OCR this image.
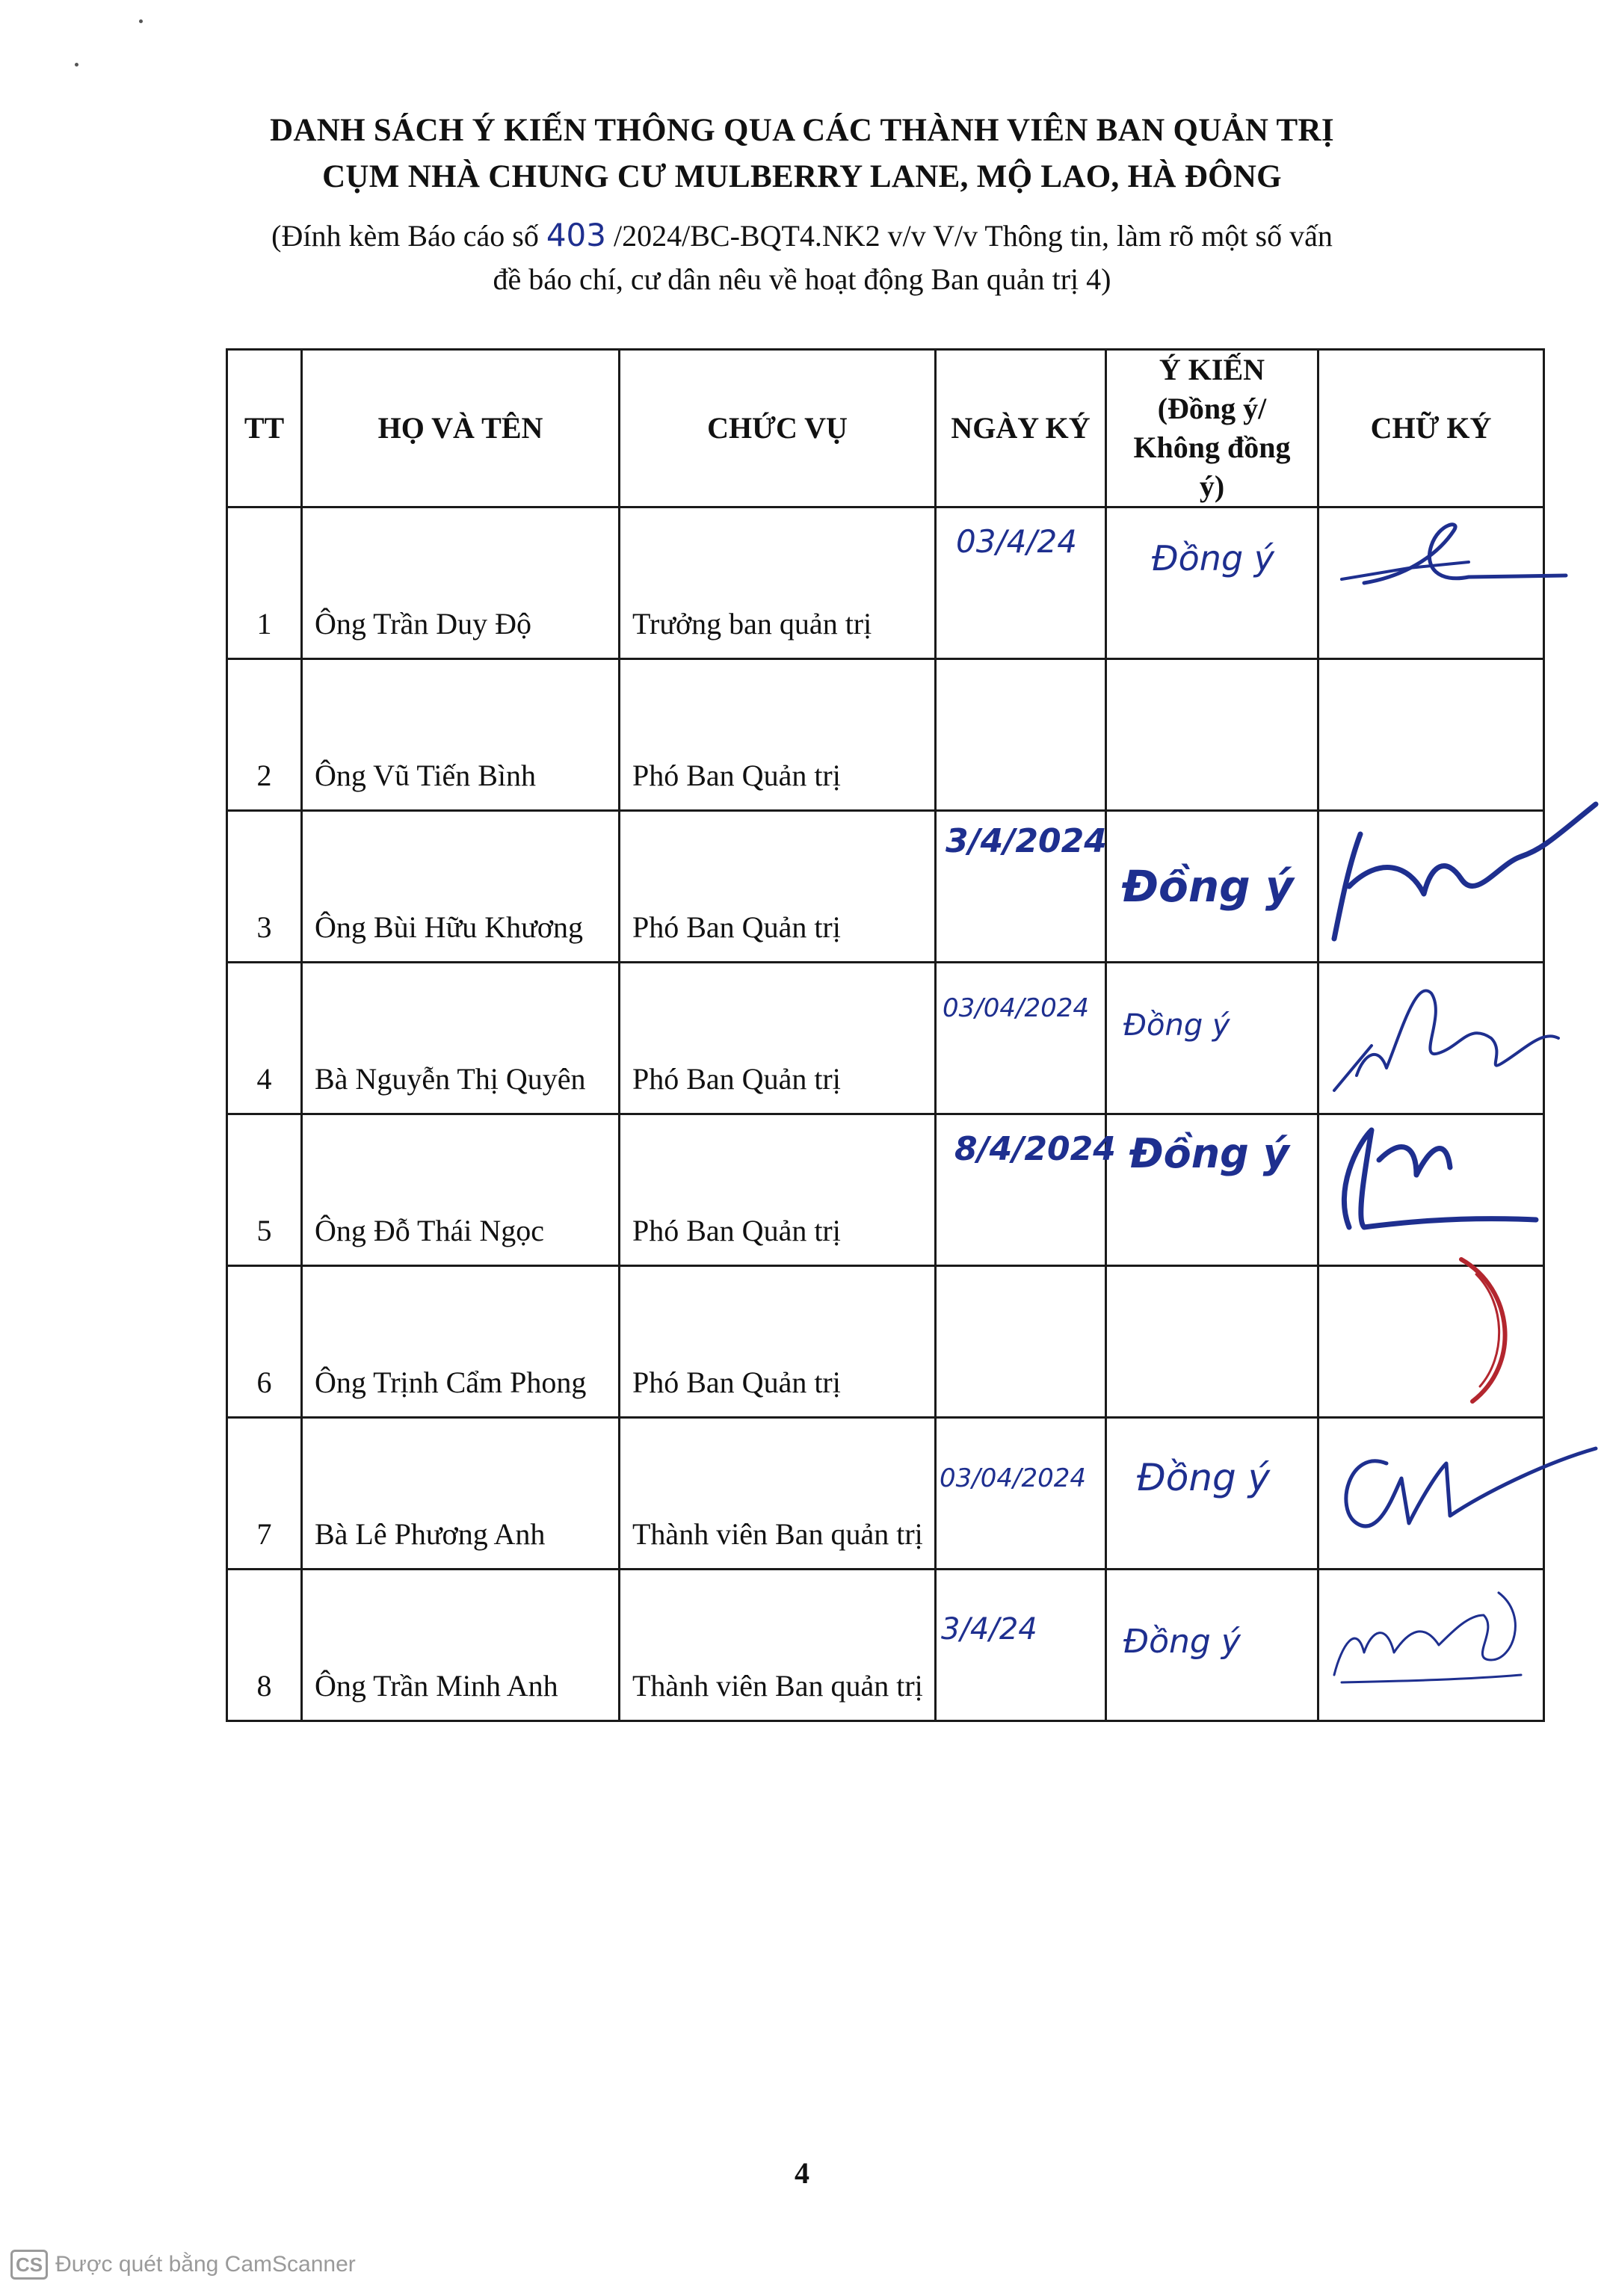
DANH SÁCH Ý KIẾN THÔNG QUA CÁC THÀNH VIÊN BAN QUẢN TRỊ
CỤM NHÀ CHUNG CƯ MULBERRY LANE, MỘ LAO, HÀ ĐÔNG
(Đính kèm Báo cáo số 403 /2024/BC-BQT4.NK2 v/v V/v Thông tin, làm rõ một số vấn
đề báo chí, cư dân nêu về hoạt động Ban quản trị 4)
TT	HỌ VÀ TÊN	CHỨC VỤ	NGÀY KÝ	Ý KIẾN
(Đồng ý/
Không đồng ý)	CHỮ KÝ
1	Ông Trần Duy Độ	Trưởng ban quản trị	03/4/24	Đồng ý

2	Ông Vũ Tiến Bình	Phó Ban Quản trị			
3	Ông Bùi Hữu Khương	Phó Ban Quản trị	3/4/2024	Đồng ý

4	Bà Nguyễn Thị Quyên	Phó Ban Quản trị	03/04/2024	Đồng ý

5	Ông Đỗ Thái Ngọc	Phó Ban Quản trị	8/4/2024	Đồng ý

6	Ông Trịnh Cẩm Phong	Phó Ban Quản trị			

7	Bà Lê Phương Anh	Thành viên Ban quản trị	03/04/2024	Đồng ý

8	Ông Trần Minh Anh	Thành viên Ban quản trị	3/4/24	Đồng ý

4
CS Được quét bằng CamScanner
